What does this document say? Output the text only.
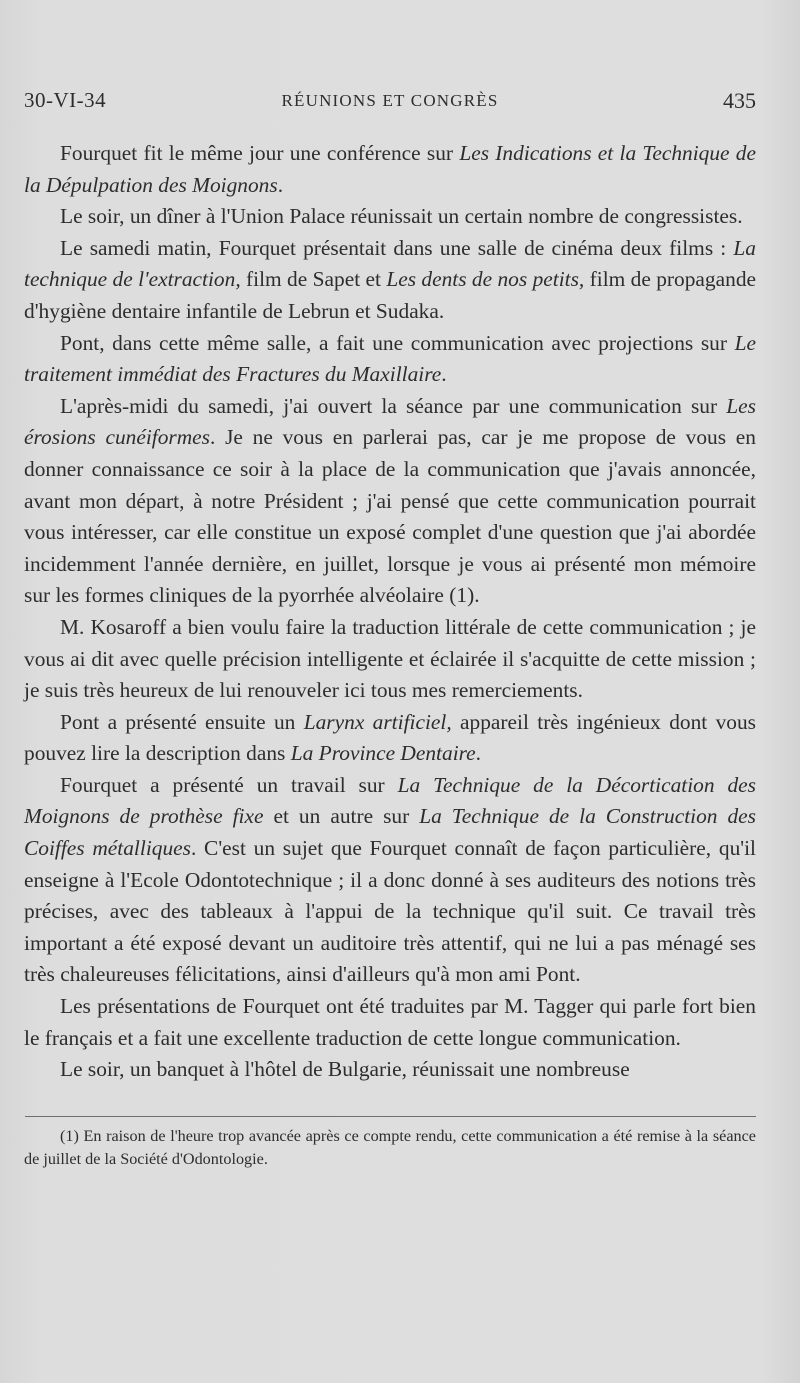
30-VI-34	RÉUNIONS ET CONGRÈS	435

Fourquet fit le même jour une conférence sur Les Indications et la Technique de la Dépulpation des Moignons.

Le soir, un dîner à l'Union Palace réunissait un certain nombre de congressistes.

Le samedi matin, Fourquet présentait dans une salle de cinéma deux films : La technique de l'extraction, film de Sapet et Les dents de nos petits, film de propagande d'hygiène dentaire infantile de Lebrun et Sudaka.

Pont, dans cette même salle, a fait une communication avec projections sur Le traitement immédiat des Fractures du Maxillaire.

L'après-midi du samedi, j'ai ouvert la séance par une communication sur Les érosions cunéiformes. Je ne vous en parlerai pas, car je me propose de vous en donner connaissance ce soir à la place de la communication que j'avais annoncée, avant mon départ, à notre Président ; j'ai pensé que cette communication pourrait vous intéresser, car elle constitue un exposé complet d'une question que j'ai abordée incidemment l'année dernière, en juillet, lorsque je vous ai présenté mon mémoire sur les formes cliniques de la pyorrhée alvéolaire (1).

M. Kosaroff a bien voulu faire la traduction littérale de cette communication ; je vous ai dit avec quelle précision intelligente et éclairée il s'acquitte de cette mission ; je suis très heureux de lui renouveler ici tous mes remerciements.

Pont a présenté ensuite un Larynx artificiel, appareil très ingénieux dont vous pouvez lire la description dans La Province Dentaire.

Fourquet a présenté un travail sur La Technique de la Décortication des Moignons de prothèse fixe et un autre sur La Technique de la Construction des Coiffes métalliques. C'est un sujet que Fourquet connaît de façon particulière, qu'il enseigne à l'Ecole Odontotechnique ; il a donc donné à ses auditeurs des notions très précises, avec des tableaux à l'appui de la technique qu'il suit. Ce travail très important a été exposé devant un auditoire très attentif, qui ne lui a pas ménagé ses très chaleureuses félicitations, ainsi d'ailleurs qu'à mon ami Pont.

Les présentations de Fourquet ont été traduites par M. Tagger qui parle fort bien le français et a fait une excellente traduction de cette longue communication.

Le soir, un banquet à l'hôtel de Bulgarie, réunissait une nombreuse

(1) En raison de l'heure trop avancée après ce compte rendu, cette communication a été remise à la séance de juillet de la Société d'Odontologie.
